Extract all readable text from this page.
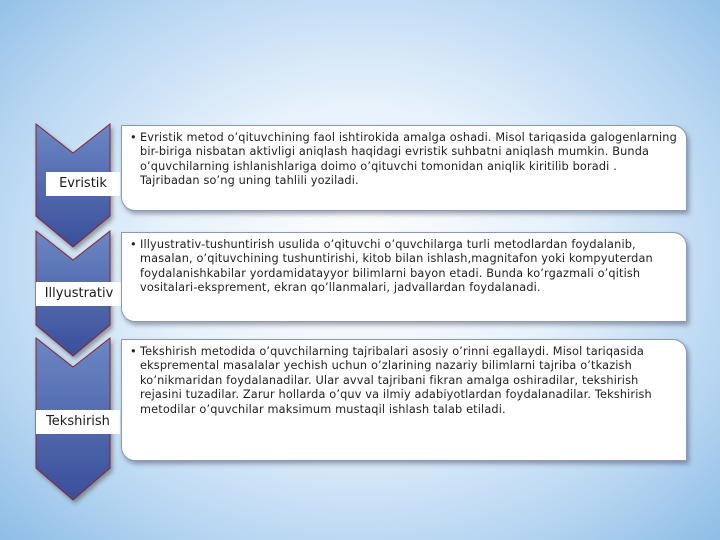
Evristik
Illyustrativ
Tekshirish
• Evristik metod o’qituvchining faol ishtirokida amalga oshadi. Misol tariqasida galogenlarning bir-biriga nisbatan aktivligi aniqlash haqidagi evristik suhbatni aniqlash mumkin. Bunda o’quvchilarning ishlanishlariga doimo o’qituvchi tomonidan aniqlik kiritilib boradi . Tajribadan so’ng uning tahlili yoziladi.
• Illyustrativ-tushuntirish usulida o’qituvchi o’quvchilarga turli metodlardan foydalanib, masalan, o’qituvchining tushuntirishi, kitob bilan ishlash,magnitafon yoki kompyuterdan foydalanishkabilar yordamidatayyor bilimlarni bayon etadi. Bunda ko’rgazmali o’qitish vositalari-ekspremеnt, ekran qo’llanmalari, jadvallardan foydalanadi.
• Tekshirish metodida o’quvchilarning tajribalari asosiy o’rinni egallaydi. Misol tariqasida ekspremental masalalar yechish uchun o’zlarining nazariy bilimlarni tajriba o’tkazish ko’nikmaridan foydalanadilar. Ular avval tajribani fikran amalga oshiradilar, tekshirish rejasini tuzadilar. Zarur hollarda o’quv va ilmiy adabiyotlardan foydalanadilar. Tekshirish metodilar o’quvchilar maksimum mustaqil ishlash talab etiladi.
